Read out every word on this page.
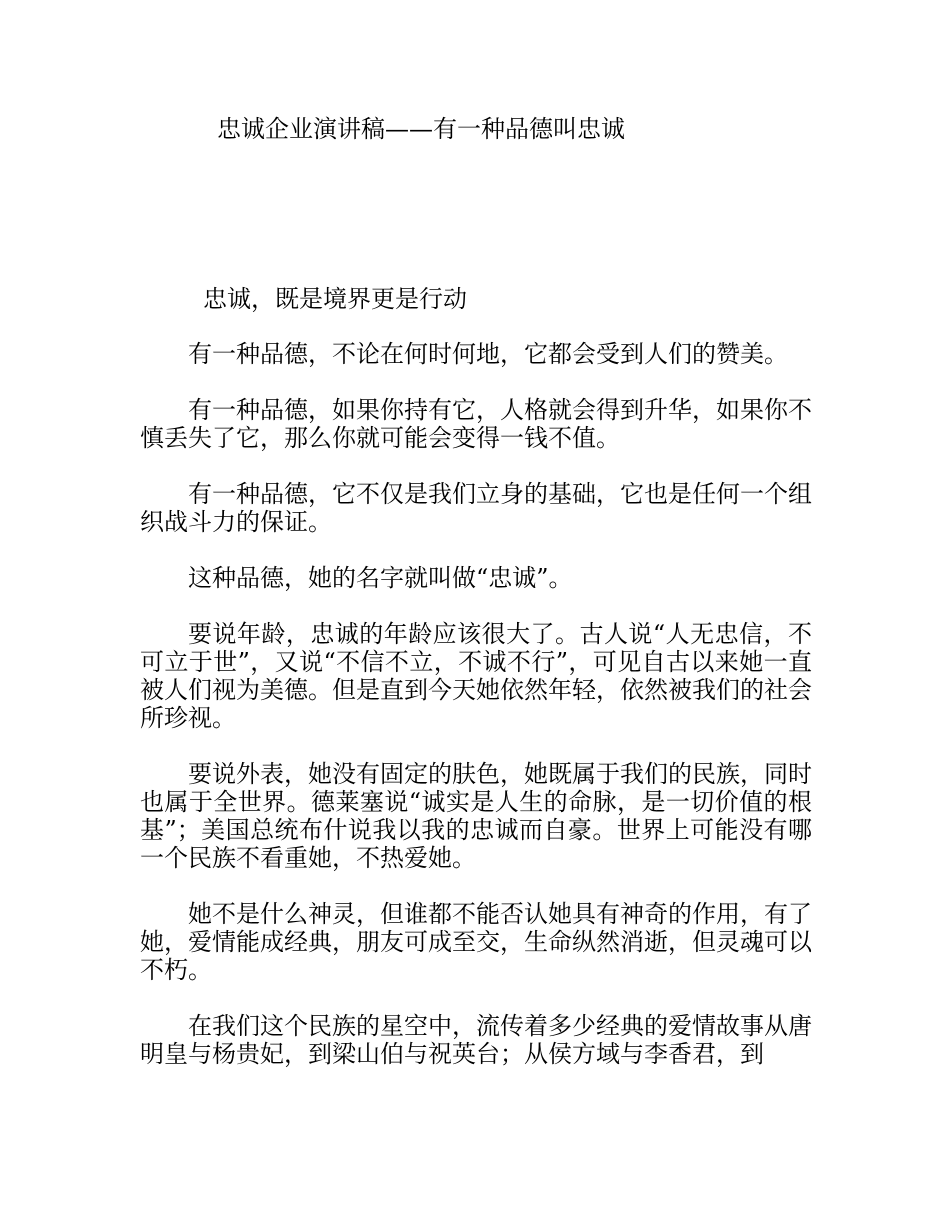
忠诚企业演讲稿——有一种品德叫忠诚

忠诚，既是境界更是行动

有一种品德，不论在何时何地，它都会受到人们的赞美。

有一种品德，如果你持有它，人格就会得到升华，如果你不慎丢失了它，那么你就可能会变得一钱不值。

有一种品德，它不仅是我们立身的基础，它也是任何一个组织战斗力的保证。

这种品德，她的名字就叫做“忠诚”。

要说年龄，忠诚的年龄应该很大了。古人说“人无忠信，不可立于世”，又说“不信不立，不诚不行”，可见自古以来她一直被人们视为美德。但是直到今天她依然年轻，依然被我们的社会所珍视。

要说外表，她没有固定的肤色，她既属于我们的民族，同时也属于全世界。德莱塞说“诚实是人生的命脉，是一切价值的根基”；美国总统布什说我以我的忠诚而自豪。世界上可能没有哪一个民族不看重她，不热爱她。

她不是什么神灵，但谁都不能否认她具有神奇的作用，有了她，爱情能成经典，朋友可成至交，生命纵然消逝，但灵魂可以不朽。

在我们这个民族的星空中，流传着多少经典的爱情故事从唐明皇与杨贵妃，到梁山伯与祝英台；从侯方域与李香君，到
